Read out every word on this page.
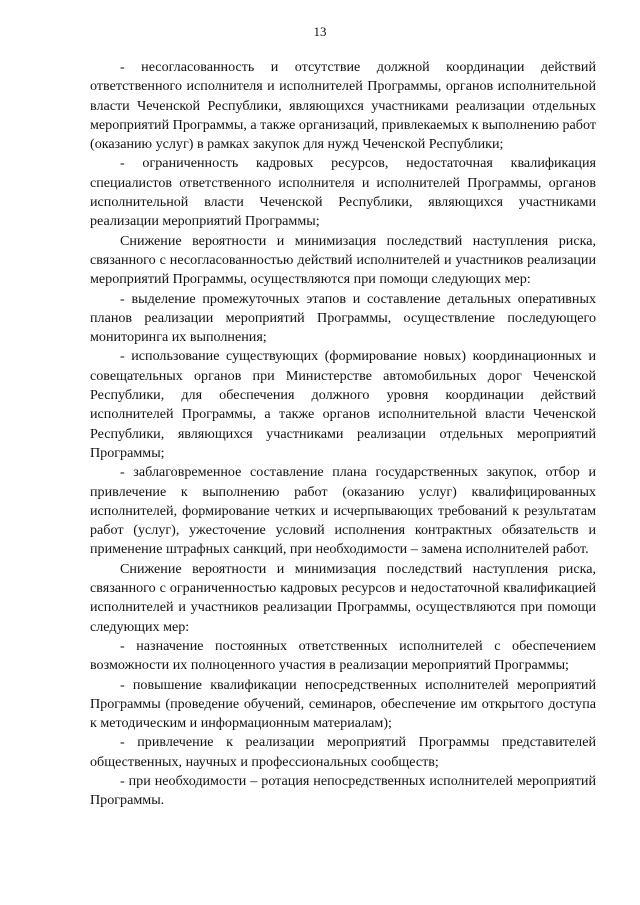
13

- несогласованность и отсутствие должной координации действий ответственного исполнителя и исполнителей Программы, органов исполнительной власти Чеченской Республики, являющихся участниками реализации отдельных мероприятий Программы, а также организаций, привлекаемых к выполнению работ (оказанию услуг) в рамках закупок для нужд Чеченской Республики;

- ограниченность кадровых ресурсов, недостаточная квалификация специалистов ответственного исполнителя и исполнителей Программы, органов исполнительной власти Чеченской Республики, являющихся участниками реализации мероприятий Программы;

Снижение вероятности и минимизация последствий наступления риска, связанного с несогласованностью действий исполнителей и участников реализации мероприятий Программы, осуществляются при помощи следующих мер:

- выделение промежуточных этапов и составление детальных оперативных планов реализации мероприятий Программы, осуществление последующего мониторинга их выполнения;

- использование существующих (формирование новых) координационных и совещательных органов при Министерстве автомобильных дорог Чеченской Республики, для обеспечения должного уровня координации действий исполнителей Программы, а также органов исполнительной власти Чеченской Республики, являющихся участниками реализации отдельных мероприятий Программы;

- заблаговременное составление плана государственных закупок, отбор и привлечение к выполнению работ (оказанию услуг) квалифицированных исполнителей, формирование четких и исчерпывающих требований к результатам работ (услуг), ужесточение условий исполнения контрактных обязательств и применение штрафных санкций, при необходимости – замена исполнителей работ.

Снижение вероятности и минимизация последствий наступления риска, связанного с ограниченностью кадровых ресурсов и недостаточной квалификацией исполнителей и участников реализации Программы, осуществляются при помощи следующих мер:

- назначение постоянных ответственных исполнителей с обеспечением возможности их полноценного участия в реализации мероприятий Программы;

- повышение квалификации непосредственных исполнителей мероприятий Программы (проведение обучений, семинаров, обеспечение им открытого доступа к методическим и информационным материалам);

- привлечение к реализации мероприятий Программы представителей общественных, научных и профессиональных сообществ;

- при необходимости – ротация непосредственных исполнителей мероприятий Программы.
